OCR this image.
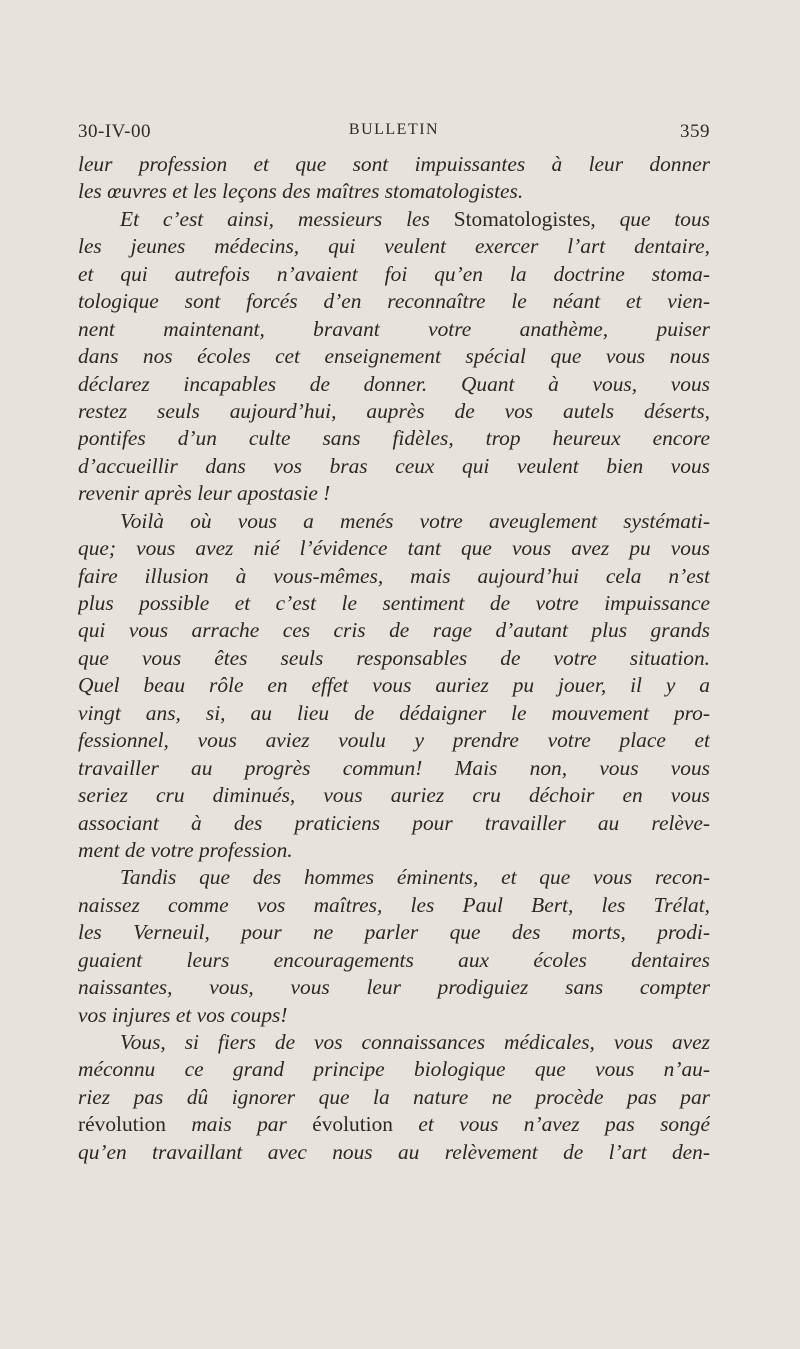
30-IV-00	BULLETIN	359
leur profession et que sont impuissantes à leur donner
les œuvres et les leçons des maîtres stomatologistes.
Et c’est ainsi, messieurs les Stomatologistes, que tous
les jeunes médecins, qui veulent exercer l’art dentaire,
et qui autrefois n’avaient foi qu’en la doctrine stoma-
tologique sont forcés d’en reconnaître le néant et vien-
nent maintenant, bravant votre anathème, puiser
dans nos écoles cet enseignement spécial que vous nous
déclarez incapables de donner. Quant à vous, vous
restez seuls aujourd’hui, auprès de vos autels déserts,
pontifes d’un culte sans fidèles, trop heureux encore
d’accueillir dans vos bras ceux qui veulent bien vous
revenir après leur apostasie !
Voilà où vous a menés votre aveuglement systémati-
que; vous avez nié l’évidence tant que vous avez pu vous
faire illusion à vous-mêmes, mais aujourd’hui cela n’est
plus possible et c’est le sentiment de votre impuissance
qui vous arrache ces cris de rage d’autant plus grands
que vous êtes seuls responsables de votre situation.
Quel beau rôle en effet vous auriez pu jouer, il y a
vingt ans, si, au lieu de dédaigner le mouvement pro-
fessionnel, vous aviez voulu y prendre votre place et
travailler au progrès commun! Mais non, vous vous
seriez cru diminués, vous auriez cru déchoir en vous
associant à des praticiens pour travailler au relève-
ment de votre profession.
Tandis que des hommes éminents, et que vous recon-
naissez comme vos maîtres, les Paul Bert, les Trélat,
les Verneuil, pour ne parler que des morts, prodi-
guaient leurs encouragements aux écoles dentaires
naissantes, vous, vous leur prodiguiez sans compter
vos injures et vos coups!
Vous, si fiers de vos connaissances médicales, vous avez
méconnu ce grand principe biologique que vous n’au-
riez pas dû ignorer que la nature ne procède pas par
révolution mais par évolution et vous n’avez pas songé
qu’en travaillant avec nous au relèvement de l’art den-
